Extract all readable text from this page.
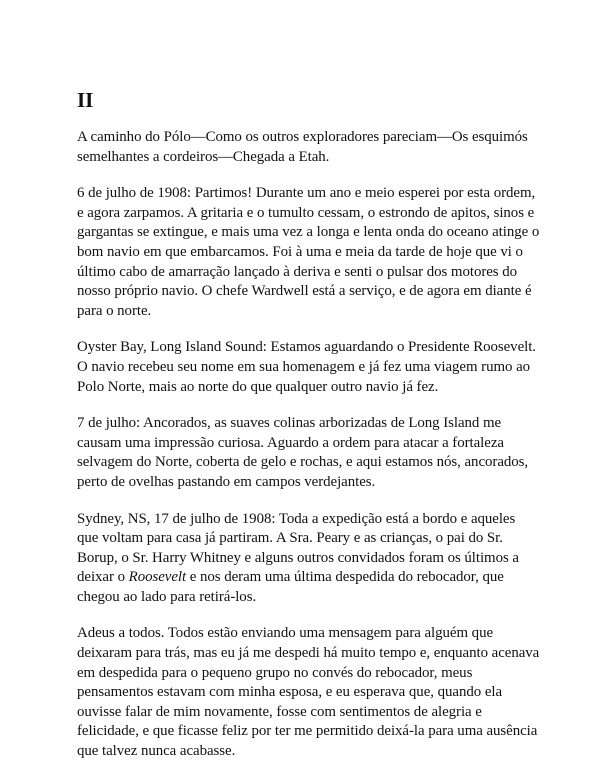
II

A caminho do Pólo—Como os outros exploradores pareciam—Os esquimós semelhantes a cordeiros—Chegada a Etah.

6 de julho de 1908: Partimos! Durante um ano e meio esperei por esta ordem, e agora zarpamos. A gritaria e o tumulto cessam, o estrondo de apitos, sinos e gargantas se extingue, e mais uma vez a longa e lenta onda do oceano atinge o bom navio em que embarcamos. Foi à uma e meia da tarde de hoje que vi o último cabo de amarração lançado à deriva e senti o pulsar dos motores do nosso próprio navio. O chefe Wardwell está a serviço, e de agora em diante é para o norte.

Oyster Bay, Long Island Sound: Estamos aguardando o Presidente Roosevelt. O navio recebeu seu nome em sua homenagem e já fez uma viagem rumo ao Polo Norte, mais ao norte do que qualquer outro navio já fez.

7 de julho: Ancorados, as suaves colinas arborizadas de Long Island me causam uma impressão curiosa. Aguardo a ordem para atacar a fortaleza selvagem do Norte, coberta de gelo e rochas, e aqui estamos nós, ancorados, perto de ovelhas pastando em campos verdejantes.

Sydney, NS, 17 de julho de 1908: Toda a expedição está a bordo e aqueles que voltam para casa já partiram. A Sra. Peary e as crianças, o pai do Sr. Borup, o Sr. Harry Whitney e alguns outros convidados foram os últimos a deixar o Roosevelt e nos deram uma última despedida do rebocador, que chegou ao lado para retirá-los.

Adeus a todos. Todos estão enviando uma mensagem para alguém que deixaram para trás, mas eu já me despedi há muito tempo e, enquanto acenava em despedida para o pequeno grupo no convés do rebocador, meus pensamentos estavam com minha esposa, e eu esperava que, quando ela ouvisse falar de mim novamente, fosse com sentimentos de alegria e felicidade, e que ficasse feliz por ter me permitido deixá-la para uma ausência que talvez nunca acabasse.
